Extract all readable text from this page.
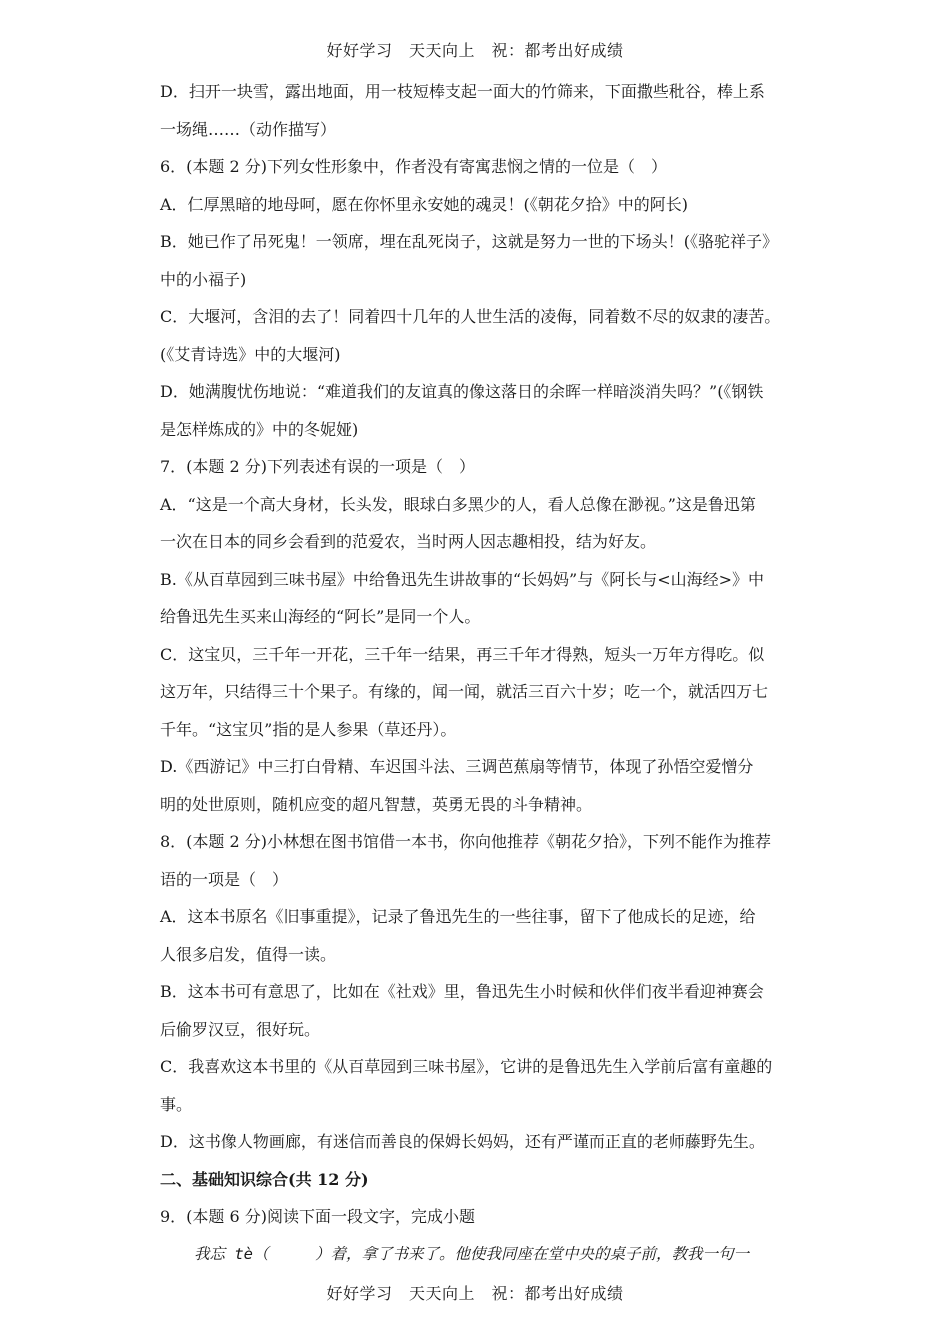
好好学习　天天向上　祝：都考出好成绩
D．扫开一块雪，露出地面，用一枝短棒支起一面大的竹筛来，下面撒些秕谷，棒上系
一场绳……（动作描写）
6．(本题 2 分)下列女性形象中，作者没有寄寓悲悯之情的一位是（　）
A．仁厚黑暗的地母呵，愿在你怀里永安她的魂灵！(《朝花夕拾》中的阿长)
B．她已作了吊死鬼！一领席，埋在乱死岗子，这就是努力一世的下场头！(《骆驼祥子》
中的小福子)
C．大堰河，含泪的去了！同着四十几年的人世生活的凌侮，同着数不尽的奴隶的凄苦。
(《艾青诗选》中的大堰河)
D．她满腹忧伤地说：“难道我们的友谊真的像这落日的余晖一样暗淡消失吗？”(《钢铁
是怎样炼成的》中的冬妮娅)
7．(本题 2 分)下列表述有误的一项是（　）
A．“这是一个高大身材，长头发，眼球白多黑少的人，看人总像在渺视。”这是鲁迅第
一次在日本的同乡会看到的范爱农，当时两人因志趣相投，结为好友。
B.《从百草园到三味书屋》中给鲁迅先生讲故事的“长妈妈”与《阿长与<山海经>》中
给鲁迅先生买来山海经的“阿长”是同一个人。
C．这宝贝，三千年一开花，三千年一结果，再三千年才得熟，短头一万年方得吃。似
这万年，只结得三十个果子。有缘的，闻一闻，就活三百六十岁；吃一个，就活四万七
千年。“这宝贝”指的是人参果（草还丹）。
D.《西游记》中三打白骨精、车迟国斗法、三调芭蕉扇等情节，体现了孙悟空爱憎分
明的处世原则，随机应变的超凡智慧，英勇无畏的斗争精神。
8．(本题 2 分)小林想在图书馆借一本书，你向他推荐《朝花夕拾》，下列不能作为推荐
语的一项是（　）
A．这本书原名《旧事重提》，记录了鲁迅先生的一些往事，留下了他成长的足迹，给
人很多启发，值得一读。
B．这本书可有意思了，比如在《社戏》里，鲁迅先生小时候和伙伴们夜半看迎神赛会
后偷罗汉豆，很好玩。
C．我喜欢这本书里的《从百草园到三味书屋》，它讲的是鲁迅先生入学前后富有童趣的
事。
D．这书像人物画廊，有迷信而善良的保姆长妈妈，还有严谨而正直的老师藤野先生。
二、基础知识综合(共 12 分)
9．(本题 6 分)阅读下面一段文字，完成小题
我忘 tè（　　　）着，拿了书来了。他使我同座在堂中央的桌子前，教我一句一
好好学习　天天向上　祝：都考出好成绩
